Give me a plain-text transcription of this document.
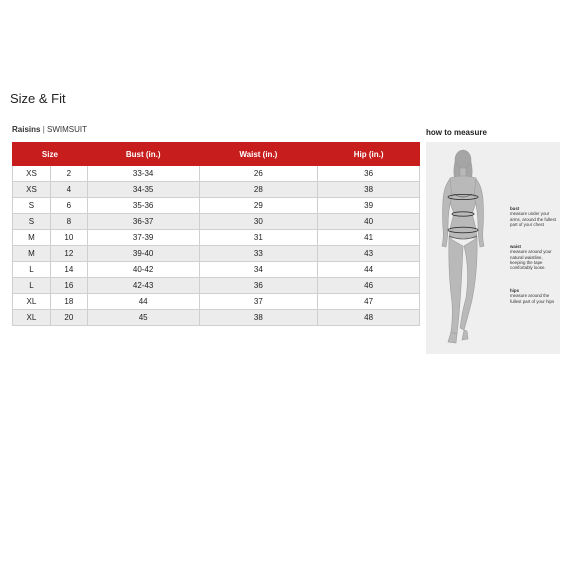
Size & Fit
Raisins | SWIMSUIT
Size		Bust (in.)	Waist (in.)	Hip (in.)
XS	2	33-34	26	36
XS	4	34-35	28	38
S	6	35-36	29	39
S	8	36-37	30	40
M	10	37-39	31	41
M	12	39-40	33	43
L	14	40-42	34	44
L	16	42-43	36	46
XL	18	44	37	47
XL	20	45	38	48
how to measure
bust
measure under your arms, around the fullest part of your chest
waist
measure around your natural waistline, keeping the tape comfortably loose.
hips
measure around the fullest part of your hips
